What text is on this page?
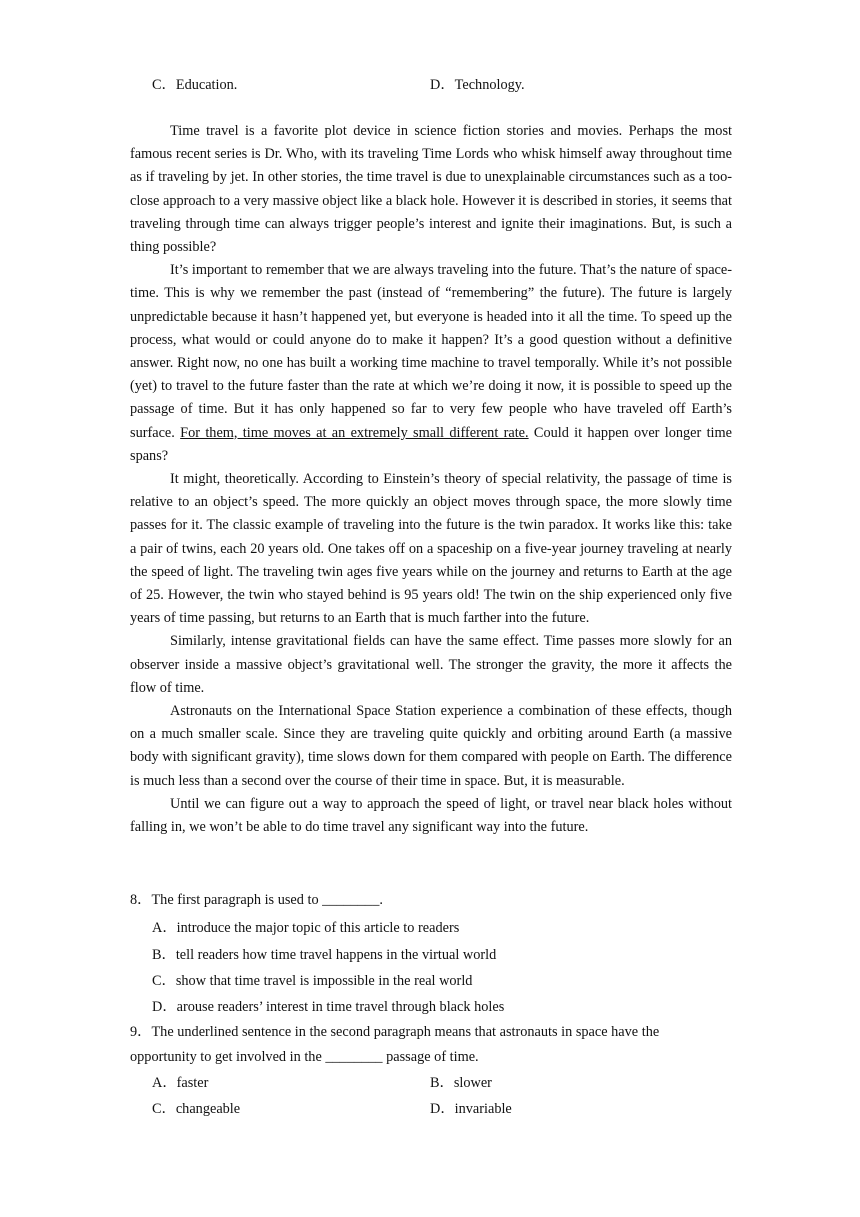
C．Education.	D．Technology.

Time travel is a favorite plot device in science fiction stories and movies. Perhaps the most famous recent series is Dr. Who, with its traveling Time Lords who whisk himself away throughout time as if traveling by jet. In other stories, the time travel is due to unexplainable circumstances such as a too-close approach to a very massive object like a black hole. However it is described in stories, it seems that traveling through time can always trigger people’s interest and ignite their imaginations. But, is such a thing possible?

It’s important to remember that we are always traveling into the future. That’s the nature of space-time. This is why we remember the past (instead of “remembering” the future). The future is largely unpredictable because it hasn’t happened yet, but everyone is headed into it all the time. To speed up the process, what would or could anyone do to make it happen? It’s a good question without a definitive answer. Right now, no one has built a working time machine to travel temporally. While it’s not possible (yet) to travel to the future faster than the rate at which we’re doing it now, it is possible to speed up the passage of time. But it has only happened so far to very few people who have traveled off Earth’s surface. For them, time moves at an extremely small different rate. Could it happen over longer time spans?

It might, theoretically. According to Einstein’s theory of special relativity, the passage of time is relative to an object’s speed. The more quickly an object moves through space, the more slowly time passes for it. The classic example of traveling into the future is the twin paradox. It works like this: take a pair of twins, each 20 years old. One takes off on a spaceship on a five-year journey traveling at nearly the speed of light. The traveling twin ages five years while on the journey and returns to Earth at the age of 25. However, the twin who stayed behind is 95 years old! The twin on the ship experienced only five years of time passing, but returns to an Earth that is much farther into the future.

Similarly, intense gravitational fields can have the same effect. Time passes more slowly for an observer inside a massive object’s gravitational well. The stronger the gravity, the more it affects the flow of time.

Astronauts on the International Space Station experience a combination of these effects, though on a much smaller scale. Since they are traveling quite quickly and orbiting around Earth (a massive body with significant gravity), time slows down for them compared with people on Earth. The difference is much less than a second over the course of their time in space. But, it is measurable.

Until we can figure out a way to approach the speed of light, or travel near black holes without falling in, we won’t be able to do time travel any significant way into the future.

8．The first paragraph is used to ________.
A．introduce the major topic of this article to readers
B．tell readers how time travel happens in the virtual world
C．show that time travel is impossible in the real world
D．arouse readers’ interest in time travel through black holes
9．The underlined sentence in the second paragraph means that astronauts in space have the opportunity to get involved in the ________ passage of time.
A．faster	B．slower
C．changeable	D．invariable
